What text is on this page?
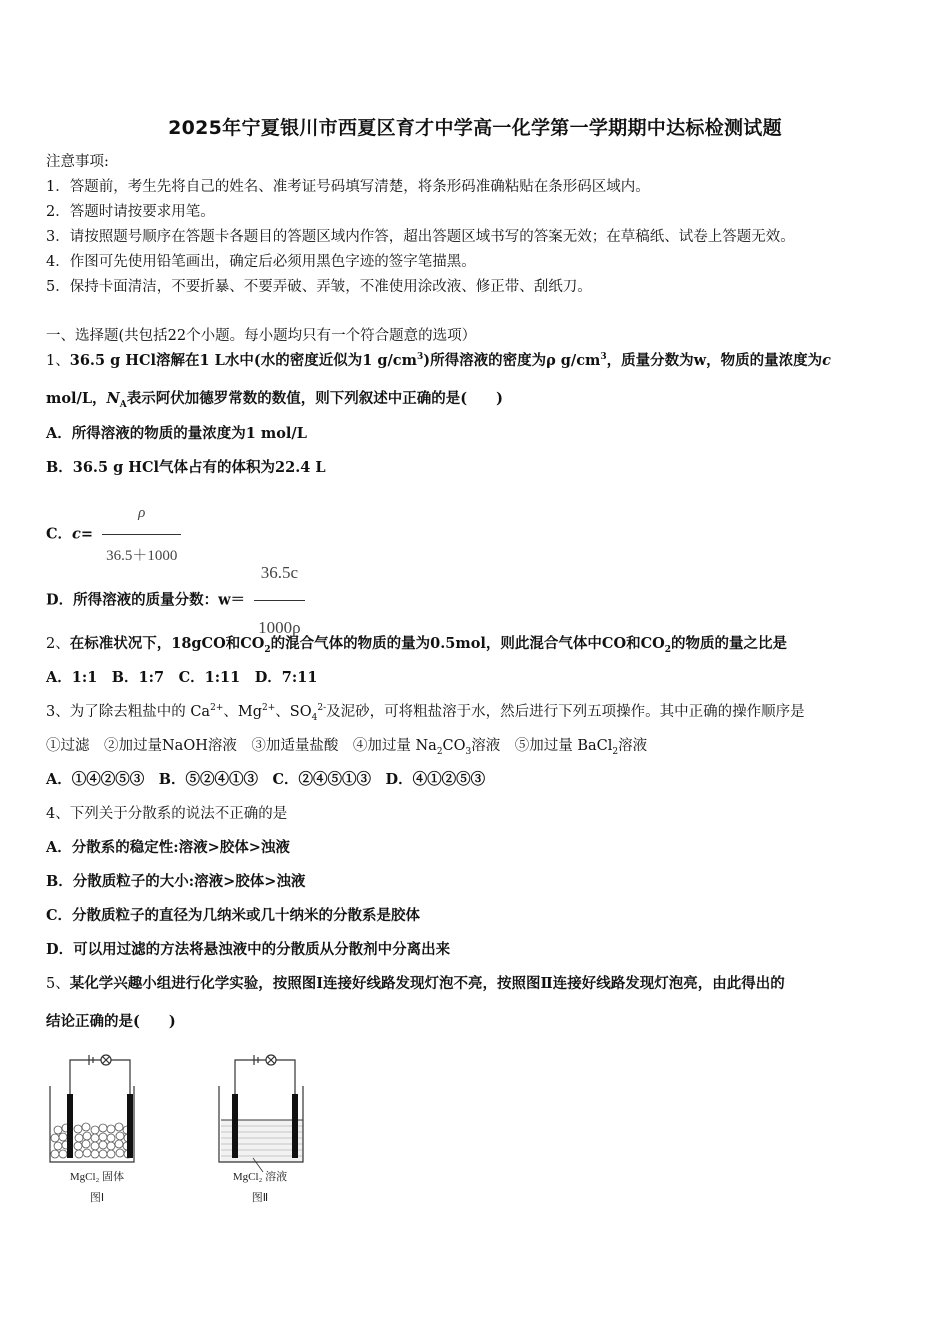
2025年宁夏银川市西夏区育才中学高一化学第一学期期中达标检测试题
注意事项:
1．答题前，考生先将自己的姓名、准考证号码填写清楚，将条形码准确粘贴在条形码区域内。
2．答题时请按要求用笔。
3．请按照题号顺序在答题卡各题目的答题区域内作答，超出答题区域书写的答案无效；在草稿纸、试卷上答题无效。
4．作图可先使用铅笔画出，确定后必须用黑色字迹的签字笔描黑。
5．保持卡面清洁，不要折暴、不要弄破、弄皱，不准使用涂改液、修正带、刮纸刀。
一、选择题(共包括22个小题。每小题均只有一个符合题意的选项）
1、36.5 g HCl溶解在1 L水中(水的密度近似为1 $g/cm^3$)所得溶液的密度为ρ $g/cm^3$，质量分数为w，物质的量浓度为c
mol/L，$N_A$表示阿伏加德罗常数的数值，则下列叙述中正确的是(　　)
A．所得溶液的物质的量浓度为1 mol/L
B．36.5 g HCl气体占有的体积为22.4 L
C．$c= \frac{\rho}{36.5+1000}$
D．所得溶液的质量分数：$w= \frac{36.5c}{1000\rho}$
2、在标准状况下，18gCO和$CO_2$的混合气体的物质的量为0.5mol，则此混合气体中CO和$CO_2$的物质的量之比是
A．1:1　B．1:7　C．1:11　D．7:11
3、为了除去粗盐中的 $Ca^{2+}$、$Mg^{2+}$、$SO_4^{2-}$及泥砂，可将粗盐溶于水，然后进行下列五项操作。其中正确的操作顺序是
①过滤　②加过量NaOH溶液　③加适量盐酸　④加过量 $Na_2CO_3$溶液　⑤加过量 BaCl$_2$溶液
A．①④②⑤③　B．⑤②④①③　C．②④⑤①③　D．④①②⑤③
4、下列关于分散系的说法不正确的是
A．分散系的稳定性:溶液>胶体>浊液
B．分散质粒子的大小:溶液>胶体>浊液
C．分散质粒子的直径为几纳米或几十纳米的分散系是胶体
D．可以用过滤的方法将悬浊液中的分散质从分散剂中分离出来
5、某化学兴趣小组进行化学实验，按照图Ⅰ连接好线路发现灯泡不亮，按照图Ⅱ连接好线路发现灯泡亮，由此得出的
结论正确的是(　　)
MgCl₂ 固体
图Ⅰ
MgCl₂ 溶液
图Ⅱ
